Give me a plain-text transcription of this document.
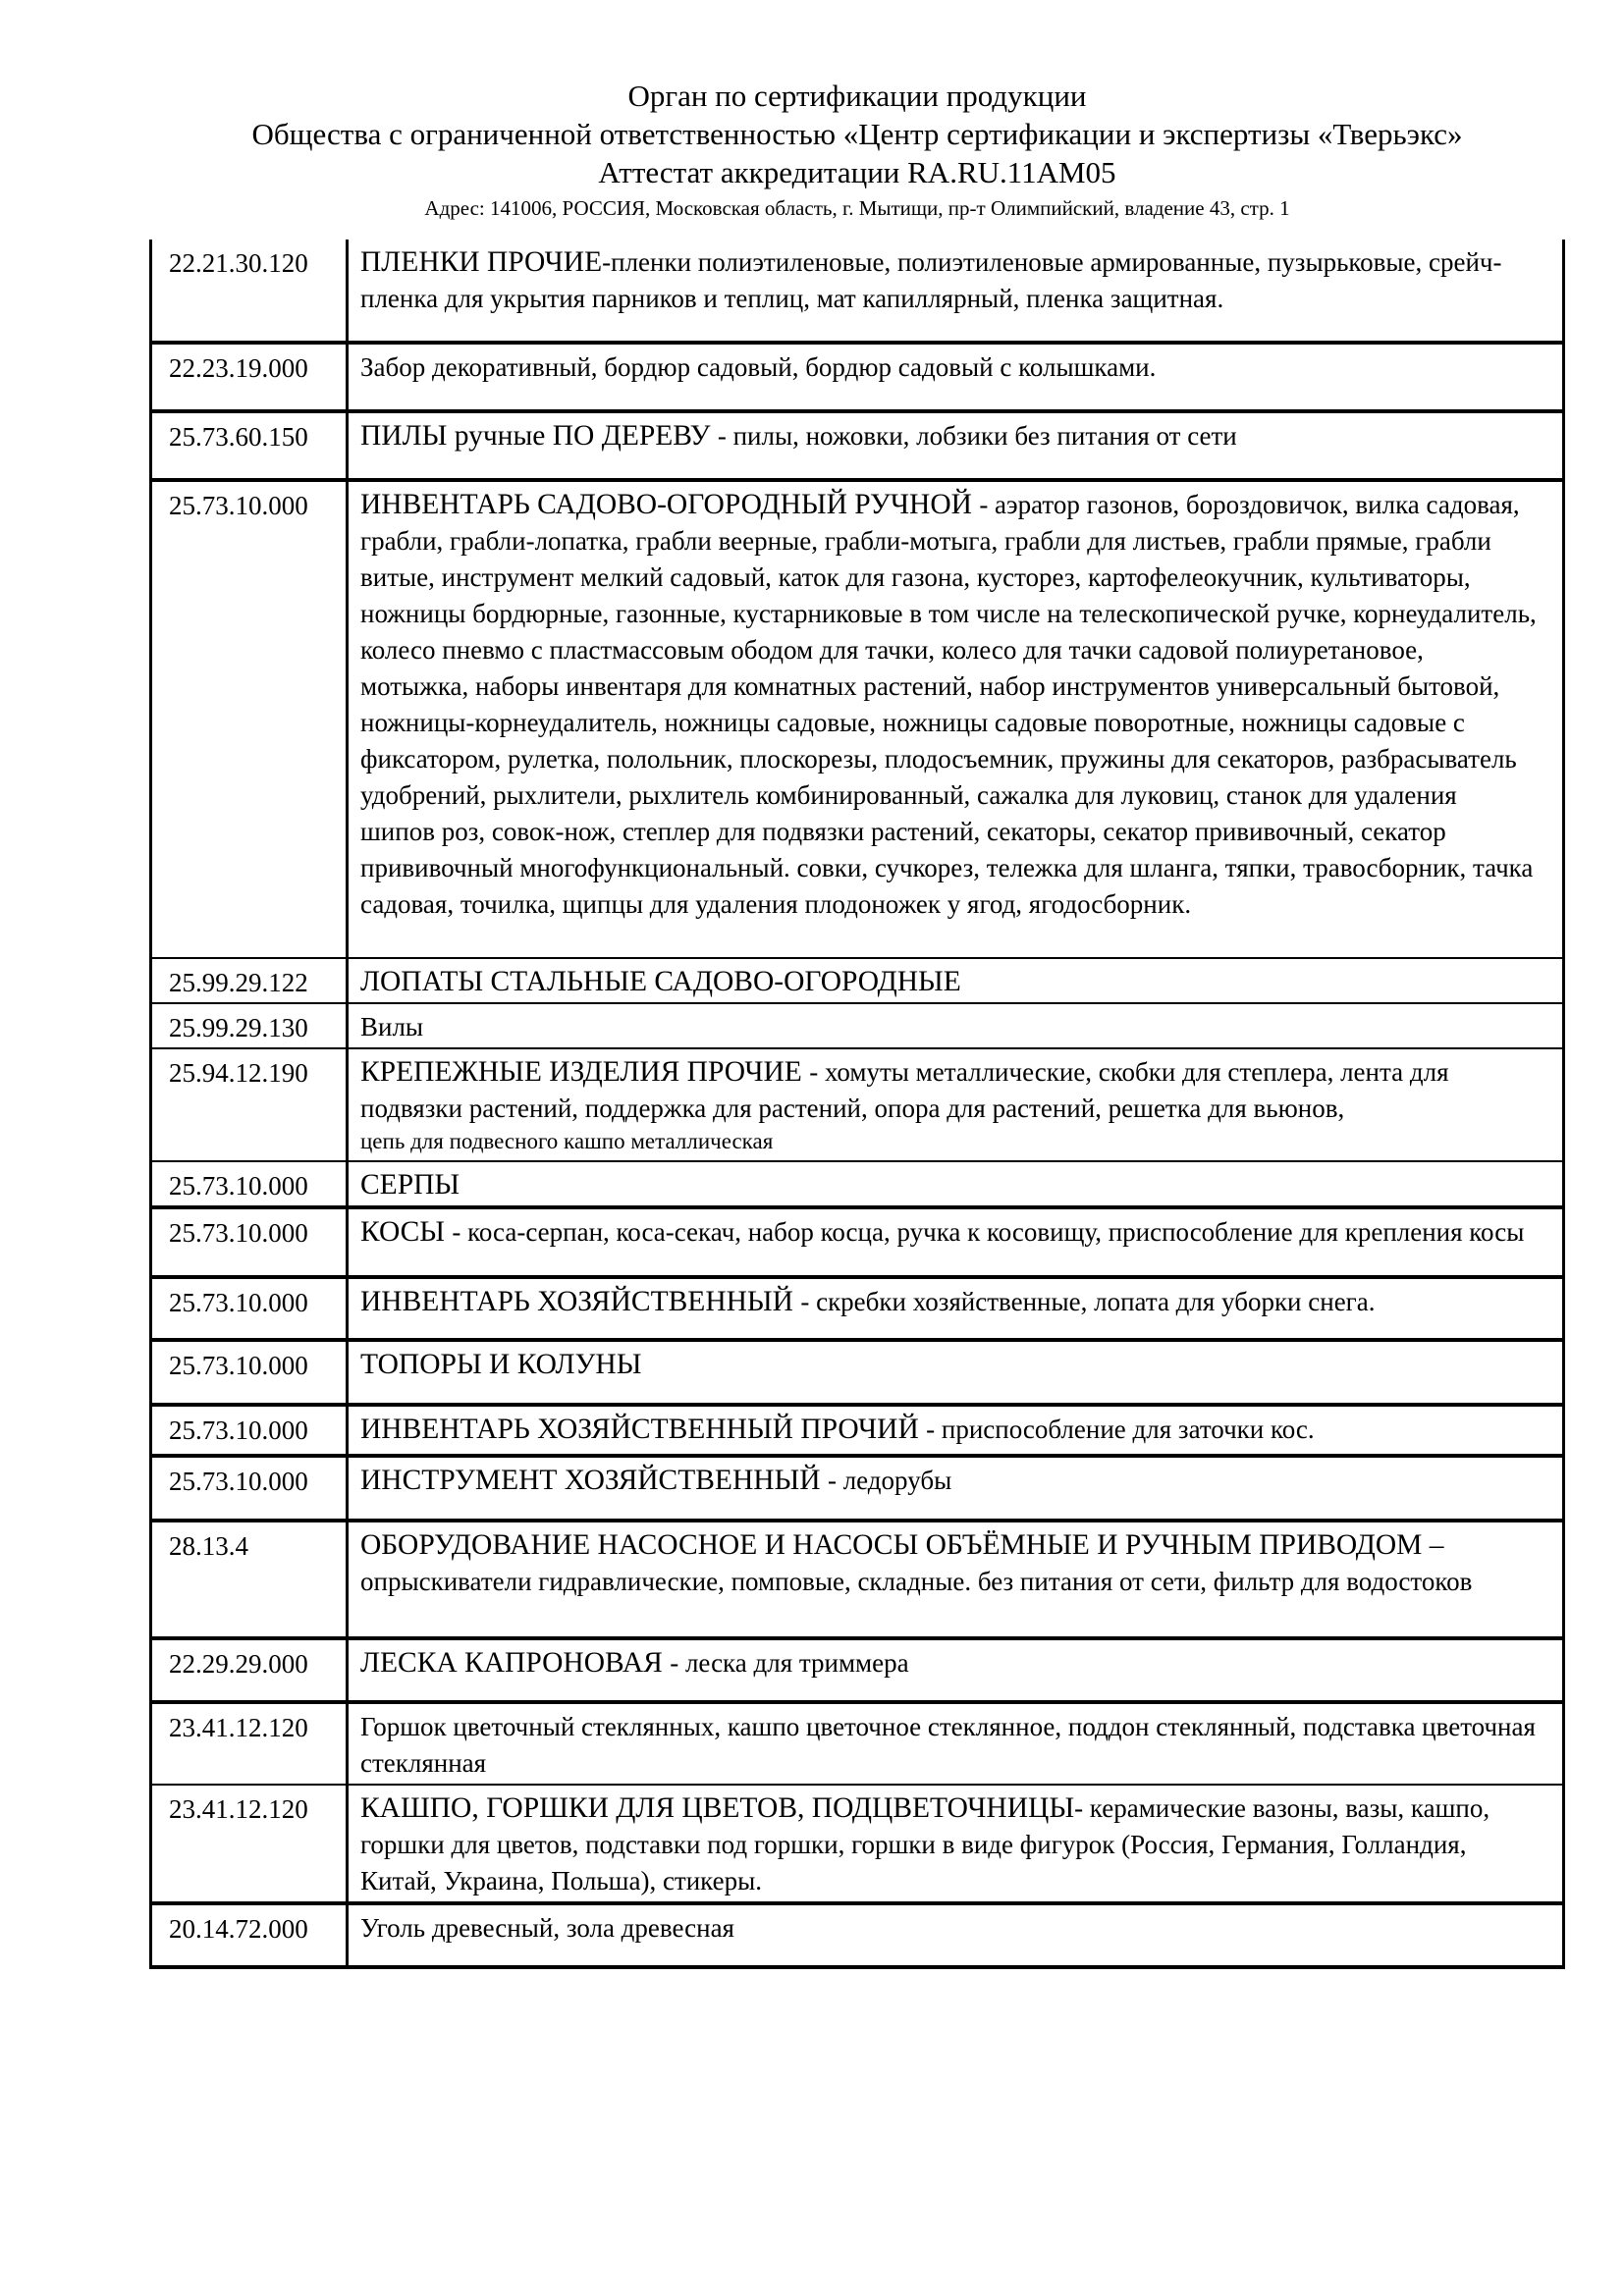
Орган по сертификации продукции
Общества с ограниченной ответственностью «Центр сертификации и экспертизы «Тверьэкс»
Аттестат аккредитации RA.RU.11АМ05
Адрес: 141006, РОССИЯ, Московская область, г. Мытищи, пр-т Олимпийский, владение 43, стр. 1
22.21.30.120	ПЛЕНКИ ПРОЧИЕ-пленки полиэтиленовые, полиэтиленовые армированные, пузырьковые, срейч-пленка для укрытия парников и теплиц, мат капиллярный, пленка защитная.
22.23.19.000	Забор декоративный, бордюр садовый, бордюр садовый с колышками.
25.73.60.150	ПИЛЫ ручные ПО ДЕРЕВУ - пилы, ножовки, лобзики без питания от сети
25.73.10.000	ИНВЕНТАРЬ САДОВО-ОГОРОДНЫЙ РУЧНОЙ - аэратор газонов, бороздовичок, вилка садовая, грабли, грабли-лопатка, грабли веерные, грабли-мотыга, грабли для листьев, грабли прямые, грабли витые, инструмент мелкий садовый, каток для газона, кусторез, картофелеокучник, культиваторы, ножницы бордюрные, газонные, кустарниковые в том числе на телескопической ручке, корнеудалитель, колесо пневмо с пластмассовым ободом для тачки, колесо для тачки садовой полиуретановое, мотыжка, наборы инвентаря для комнатных растений, набор инструментов универсальный бытовой, ножницы-корнеудалитель, ножницы садовые, ножницы садовые поворотные, ножницы садовые с фиксатором, рулетка, полольник, плоскорезы, плодосъемник, пружины для секаторов, разбрасыватель удобрений, рыхлители, рыхлитель комбинированный, сажалка для луковиц, станок для удаления шипов роз, совок-нож, степлер для подвязки растений, секаторы, секатор прививочный, секатор прививочный многофункциональный. совки, сучкорез, тележка для шланга, тяпки, травосборник, тачка садовая, точилка, щипцы для удаления плодоножек у ягод, ягодосборник.
25.99.29.122	ЛОПАТЫ СТАЛЬНЫЕ САДОВО-ОГОРОДНЫЕ
25.99.29.130	Вилы
25.94.12.190	КРЕПЕЖНЫЕ ИЗДЕЛИЯ ПРОЧИЕ - хомуты металлические, скобки для степлера, лента для подвязки растений, поддержка для растений, опора для растений, решетка для вьюнов,
цепь для подвесного кашпо металлическая

25.73.10.000	СЕРПЫ
25.73.10.000	КОСЫ - коса-серпан, коса-секач, набор косца, ручка к косовищу, приспособление для крепления косы
25.73.10.000	ИНВЕНТАРЬ ХОЗЯЙСТВЕННЫЙ - скребки хозяйственные, лопата для уборки снега.
25.73.10.000	ТОПОРЫ И КОЛУНЫ
25.73.10.000	ИНВЕНТАРЬ ХОЗЯЙСТВЕННЫЙ ПРОЧИЙ - приспособление для заточки кос.
25.73.10.000	ИНСТРУМЕНТ ХОЗЯЙСТВЕННЫЙ - ледорубы
28.13.4	ОБОРУДОВАНИЕ НАСОСНОЕ И НАСОСЫ ОБЪЁМНЫЕ И РУЧНЫМ ПРИВОДОМ – опрыскиватели гидравлические, помповые, складные. без питания от сети, фильтр для водостоков
22.29.29.000	ЛЕСКА КАПРОНОВАЯ - леска для триммера
23.41.12.120	Горшок цветочный стеклянных, кашпо цветочное стеклянное, поддон стеклянный, подставка цветочная стеклянная
23.41.12.120	КАШПО, ГОРШКИ ДЛЯ ЦВЕТОВ, ПОДЦВЕТОЧНИЦЫ- керамические вазоны, вазы, кашпо, горшки для цветов, подставки под горшки, горшки в виде фигурок (Россия, Германия, Голландия, Китай, Украина, Польша), стикеры.
20.14.72.000	Уголь древесный, зола древесная
